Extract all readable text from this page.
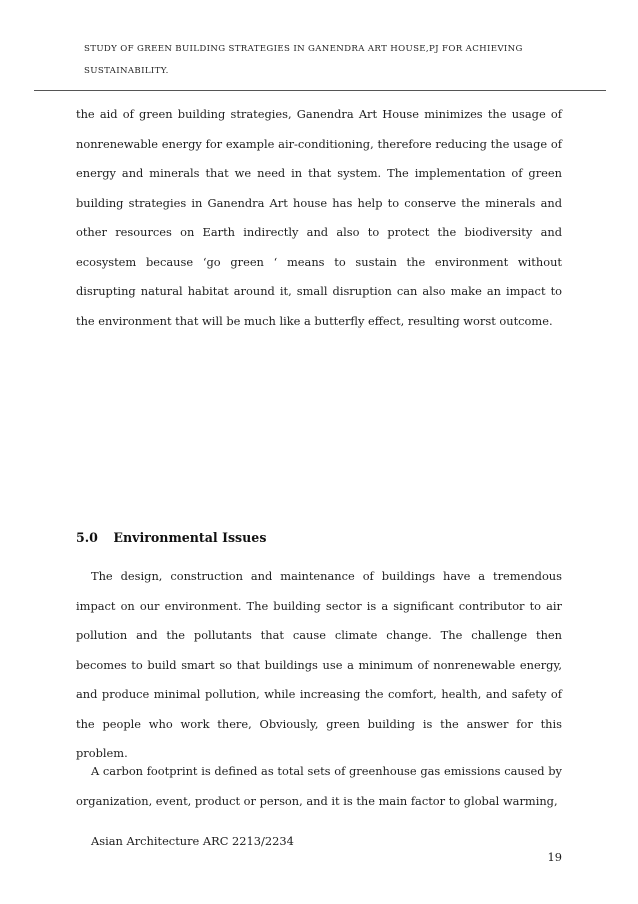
STUDY OF GREEN BUILDING STRATEGIES IN GANENDRA ART HOUSE,PJ FOR ACHIEVING
SUSTAINABILITY.

the aid of green building strategies, Ganendra Art House minimizes the usage of nonrenewable energy for example air-conditioning, therefore reducing the usage of energy and minerals that we need in that system. The implementation of green building strategies in Ganendra Art house has help to conserve the minerals and other resources on Earth indirectly and also to protect the biodiversity and ecosystem because ‘go green ‘ means to sustain the environment without disrupting natural habitat around it, small disruption can also make an impact to the environment that will be much like a butterfly effect, resulting worst outcome.

5.0 Environmental Issues

The design, construction and maintenance of buildings have a tremendous impact on our environment. The building sector is a significant contributor to air pollution and the pollutants that cause climate change. The challenge then becomes to build smart so that buildings use a minimum of nonrenewable energy, and produce minimal pollution, while increasing the comfort, health, and safety of the people who work there, Obviously, green building is the answer for this problem.

A carbon footprint is defined as total sets of greenhouse gas emissions caused by organization, event, product or person, and it is the main factor to global warming,

Asian Architecture ARC 2213/2234
19
